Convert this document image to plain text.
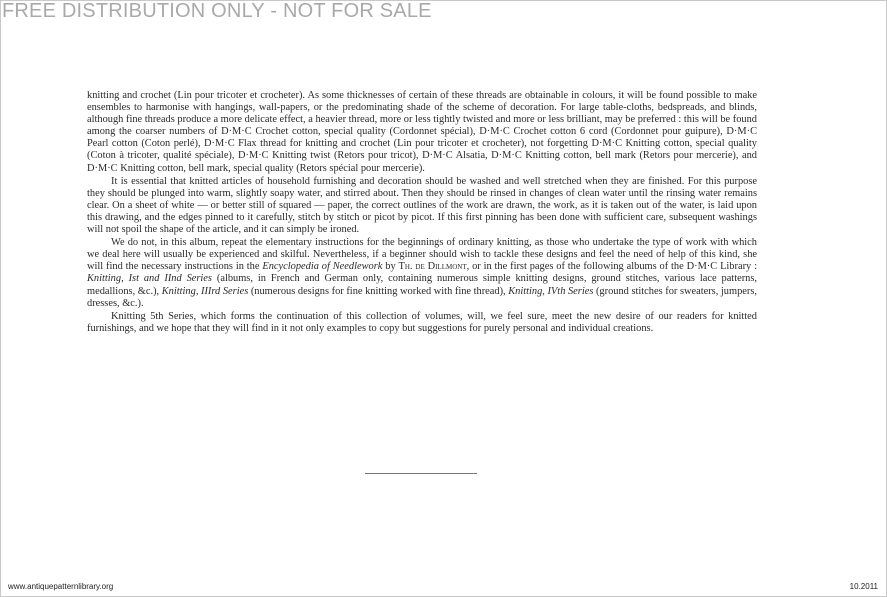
FREE DISTRIBUTION ONLY - NOT FOR SALE

knitting and crochet (Lin pour tricoter et crocheter). As some thicknesses of certain of these threads are obtainable in colours, it will be found possible to make ensembles to harmonise with hangings, wall-papers, or the predominating shade of the scheme of decoration. For large table-cloths, bedspreads, and blinds, although fine threads produce a more delicate effect, a heavier thread, more or less tightly twisted and more or less brilliant, may be preferred : this will be found among the coarser numbers of D·M·C Crochet cotton, special quality (Cordonnet spécial), D·M·C Crochet cotton 6 cord (Cordonnet pour guipure), D·M·C Pearl cotton (Coton perlé), D·M·C Flax thread for knitting and crochet (Lin pour tricoter et crocheter), not forgetting D·M·C Knitting cotton, special quality (Coton à tricoter, qualité spéciale), D·M·C Knitting twist (Retors pour tricot), D·M·C Alsatia, D·M·C Knitting cotton, bell mark (Retors pour mercerie), and D·M·C Knitting cotton, bell mark, special quality (Retors spécial pour mercerie).

It is essential that knitted articles of household furnishing and decoration should be washed and well stretched when they are finished. For this purpose they should be plunged into warm, slightly soapy water, and stirred about. Then they should be rinsed in changes of clean water until the rinsing water remains clear. On a sheet of white — or better still of squared — paper, the correct outlines of the work are drawn, the work, as it is taken out of the water, is laid upon this drawing, and the edges pinned to it carefully, stitch by stitch or picot by picot. If this first pinning has been done with sufficient care, subsequent washings will not spoil the shape of the article, and it can simply be ironed.

We do not, in this album, repeat the elementary instructions for the beginnings of ordinary knitting, as those who undertake the type of work with which we deal here will usually be experienced and skilful. Nevertheless, if a beginner should wish to tackle these designs and feel the need of help of this kind, she will find the necessary instructions in the Encyclopedia of Needlework by Th. de Dillmont, or in the first pages of the following albums of the D·M·C Library : Knitting, Ist and IInd Series (albums, in French and German only, containing numerous simple knitting designs, ground stitches, various lace patterns, medallions, &c.), Knitting, IIIrd Series (numerous designs for fine knitting worked with fine thread), Knitting, IVth Series (ground stitches for sweaters, jumpers, dresses, &c.).

Knitting 5th Series, which forms the continuation of this collection of volumes, will, we feel sure, meet the new desire of our readers for knitted furnishings, and we hope that they will find in it not only examples to copy but suggestions for purely personal and individual creations.

www.antiquepatternlibrary.org	10.2011
